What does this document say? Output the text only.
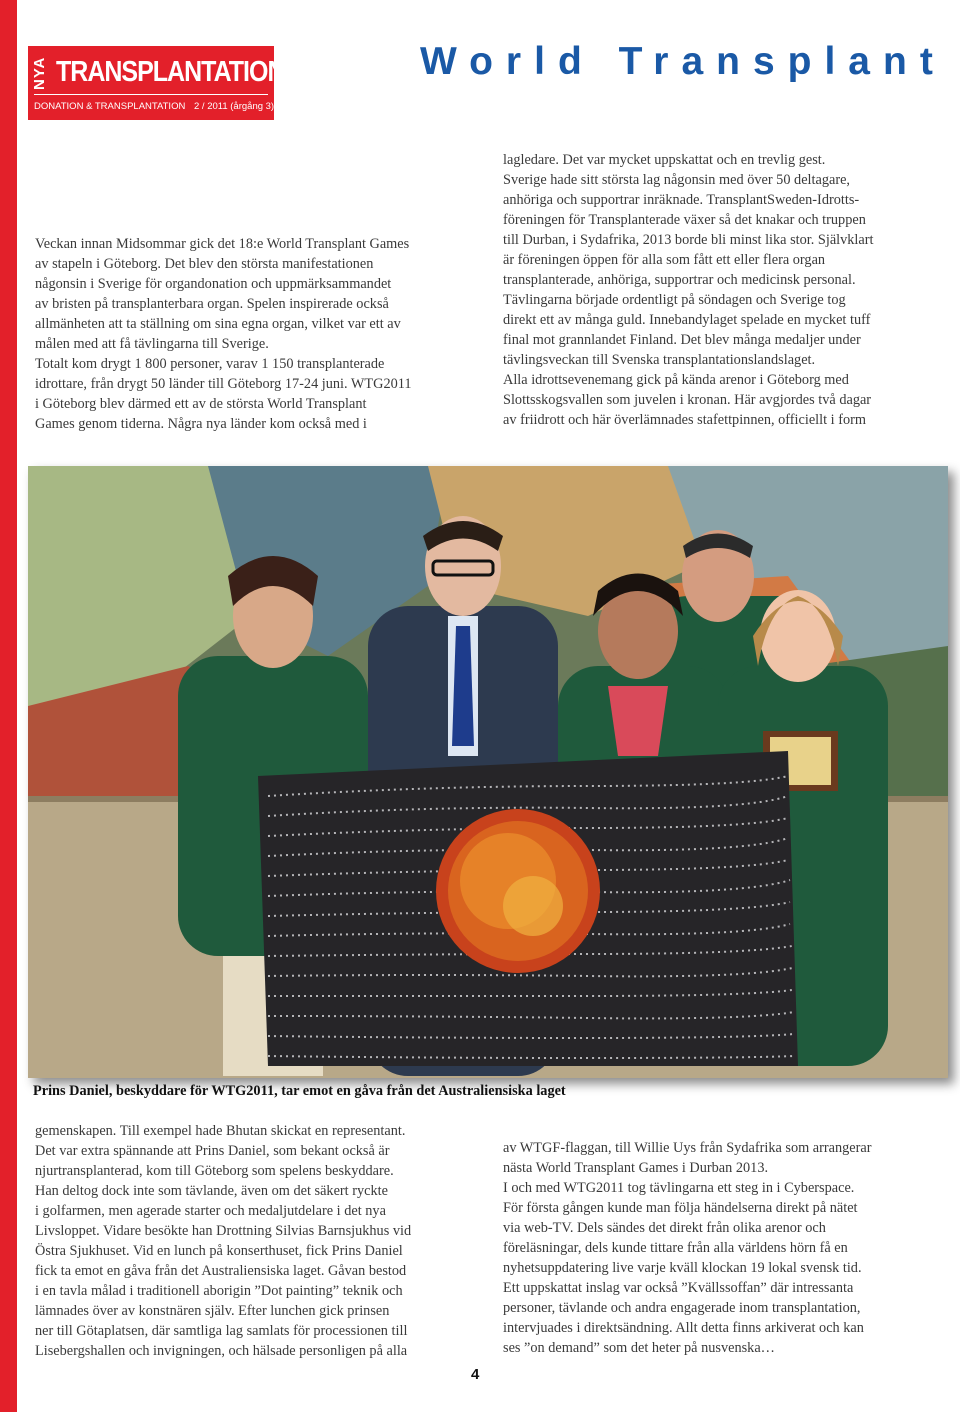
NYA TRANSPLANTATIONSNYTT
DONATION & TRANSPLANTATION 2 / 2011 (årgång 3)
World Transplant

Veckan innan Midsommar gick det 18:e World Transplant Games
av stapeln i Göteborg. Det blev den största manifestationen
någonsin i Sverige för organdonation och uppmärksammandet
av bristen på transplanterbara organ. Spelen inspirerade också
allmänheten att ta ställning om sina egna organ, vilket var ett av
målen med att få tävlingarna till Sverige.
Totalt kom drygt 1 800 personer, varav 1 150 transplanterade
idrottare, från drygt 50 länder till Göteborg 17-24 juni. WTG2011
i Göteborg blev därmed ett av de största World Transplant
Games genom tiderna. Några nya länder kom också med i

lagledare. Det var mycket uppskattat och en trevlig gest.
Sverige hade sitt största lag någonsin med över 50 deltagare,
anhöriga och supportrar inräknade. TransplantSweden-Idrotts-
föreningen för Transplanterade växer så det knakar och truppen
till Durban, i Sydafrika, 2013 borde bli minst lika stor. Självklart
är föreningen öppen för alla som fått ett eller flera organ
transplanterade, anhöriga, supportrar och medicinsk personal.
Tävlingarna började ordentligt på söndagen och Sverige tog
direkt ett av många guld. Innebandylaget spelade en mycket tuff
final mot grannlandet Finland. Det blev många medaljer under
tävlingsveckan till Svenska transplantationslandslaget.
Alla idrottsevenemang gick på kända arenor i Göteborg med
Slottsskogsvallen som juvelen i kronan. Här avgjordes två dagar
av friidrott och här överlämnades stafettpinnen, officiellt i form

Prins Daniel, beskyddare för WTG2011, tar emot en gåva från det Australiensiska laget

gemenskapen. Till exempel hade Bhutan skickat en representant.
Det var extra spännande att Prins Daniel, som bekant också är
njurtransplanterad, kom till Göteborg som spelens beskyddare.
Han deltog dock inte som tävlande, även om det säkert ryckte
i golfarmen, men agerade starter och medaljutdelare i det nya
Livsloppet. Vidare besökte han Drottning Silvias Barnsjukhus vid
Östra Sjukhuset. Vid en lunch på konserthuset, fick Prins Daniel
fick ta emot en gåva från det Australiensiska laget. Gåvan bestod
i en tavla målad i traditionell aborigin ”Dot painting” teknik och
lämnades över av konstnären själv. Efter lunchen gick prinsen
ner till Götaplatsen, där samtliga lag samlats för processionen till
Lisebergshallen och invigningen, och hälsade personligen på alla

av WTGF-flaggan, till Willie Uys från Sydafrika som arrangerar
nästa World Transplant Games i Durban 2013.
I och med WTG2011 tog tävlingarna ett steg in i Cyberspace.
För första gången kunde man följa händelserna direkt på nätet
via web-TV. Dels sändes det direkt från olika arenor och
föreläsningar, dels kunde tittare från alla världens hörn få en
nyhetsuppdatering live varje kväll klockan 19 lokal svensk tid.
Ett uppskattat inslag var också ”Kvällssoffan” där intressanta
personer, tävlande och andra engagerade inom transplantation,
intervjuades i direktsändning. Allt detta finns arkiverat och kan
ses ”on demand” som det heter på nusvenska…

4
